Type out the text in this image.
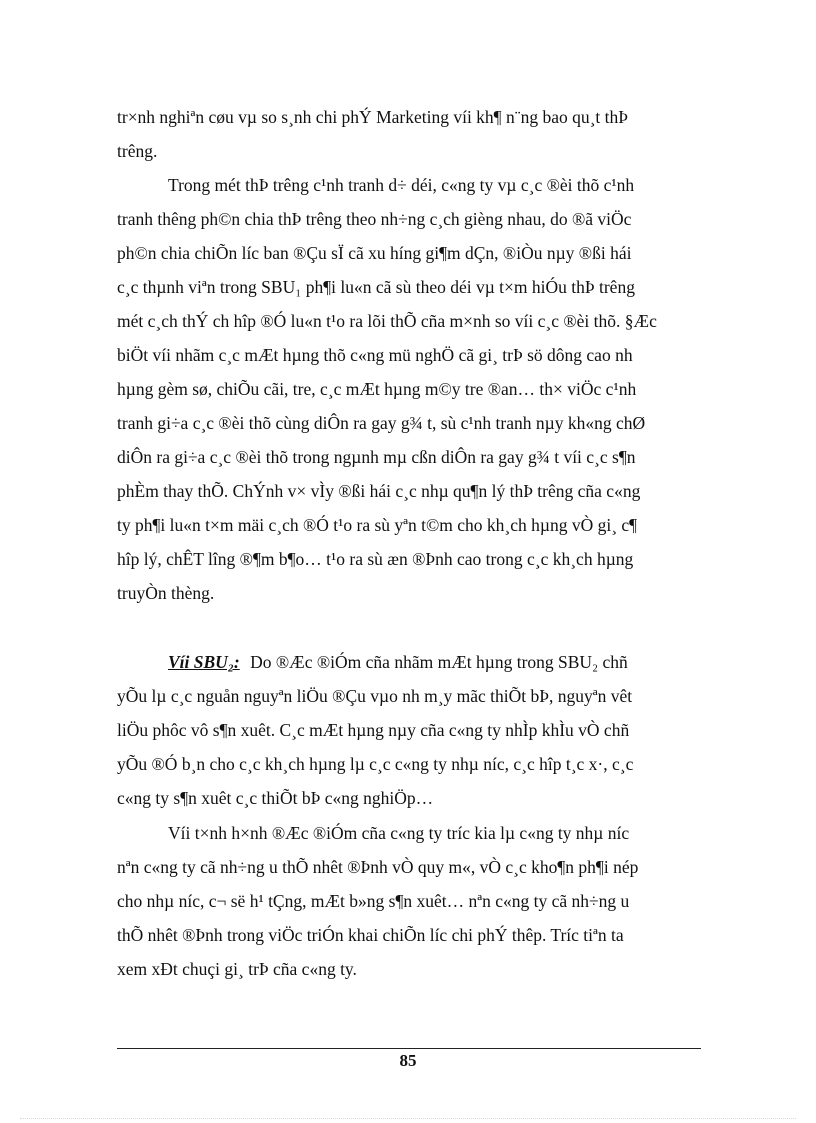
tr×nh nghiªn cøu vµ so s¸nh chi phÝ Marketing víi kh¶ n¨ng bao qu¸t thÞ
trêng.
Trong mét thÞ trêng c¹nh tranh d÷ déi, c«ng ty vµ c¸c ®èi thõ c¹nh
tranh thêng ph©n chia thÞ trêng theo nh÷ng c¸ch gièng nhau, do ®ã viÖc
ph©n chia chiÕn líc ban ®Çu sÏ cã xu híng gi¶m dÇn, ®iÒu nµy ®ßi hái
c¸c thµnh viªn trong SBU₁ ph¶i lu«n cã sù theo déi vµ t×m hiÓu thÞ trêng
mét c¸ch thÝ ch hîp ®Ó lu«n t¹o ra lõi thÕ cña m×nh so víi c¸c ®èi thõ. §Æc
biÖt víi nhãm c¸c mÆt hµng thõ c«ng mü nghÖ cã gi¸ trÞ sö dông cao nh
hµng gèm sø, chiÕu cãi, tre, c¸c mÆt hµng m©y tre ®an… th× viÖc c¹nh
tranh gi÷a c¸c ®èi thõ cùng diÔn ra gay g¾ t, sù c¹nh tranh nµy kh«ng chØ
diÔn ra gi÷a c¸c ®èi thõ trong ngµnh mµ cßn diÔn ra gay g¾ t víi c¸c s¶n
phÈm thay thÕ. ChÝnh v× vÌy ®ßi hái c¸c nhµ qu¶n lý thÞ trêng cña c«ng
ty ph¶i lu«n t×m mäi c¸ch ®Ó t¹o ra sù yªn t©m cho kh¸ch hµng vÒ gi¸ c¶
hîp lý, chÊT lîng ®¶m b¶o… t¹o ra sù æn ®Þnh cao trong c¸c kh¸ch hµng
truyÒn thèng.
Víi SBU₂: Do ®Æc ®iÓm cña nhãm mÆt hµng trong SBU₂ chñ
yÕu lµ c¸c nguån nguyªn liÖu ®Çu vµo nh m¸y mãc thiÕt bÞ, nguyªn vêt
liÖu phôc vô s¶n xuêt. C¸c mÆt hµng nµy cña c«ng ty nhÌp khÌu vÒ chñ
yÕu ®Ó b¸n cho c¸c kh¸ch hµng lµ c¸c c«ng ty nhµ níc, c¸c hîp t¸c x·, c¸c
c«ng ty s¶n xuêt c¸c thiÕt bÞ c«ng nghiÖp…
Víi t×nh h×nh ®Æc ®iÓm cña c«ng ty tríc kia lµ c«ng ty nhµ níc
nªn c«ng ty cã nh÷ng u thÕ nhêt ®Þnh vÒ quy m«, vÒ c¸c kho¶n ph¶i nép
cho nhµ níc, c¬ së h¹ tÇng, mÆt b»ng s¶n xuêt… nªn c«ng ty cã nh÷ng u
thÕ nhêt ®Þnh trong viÖc triÓn khai chiÕn líc chi phÝ thêp. Tríc tiªn ta
xem xÐt chuçi gi¸ trÞ cña c«ng ty.
85
